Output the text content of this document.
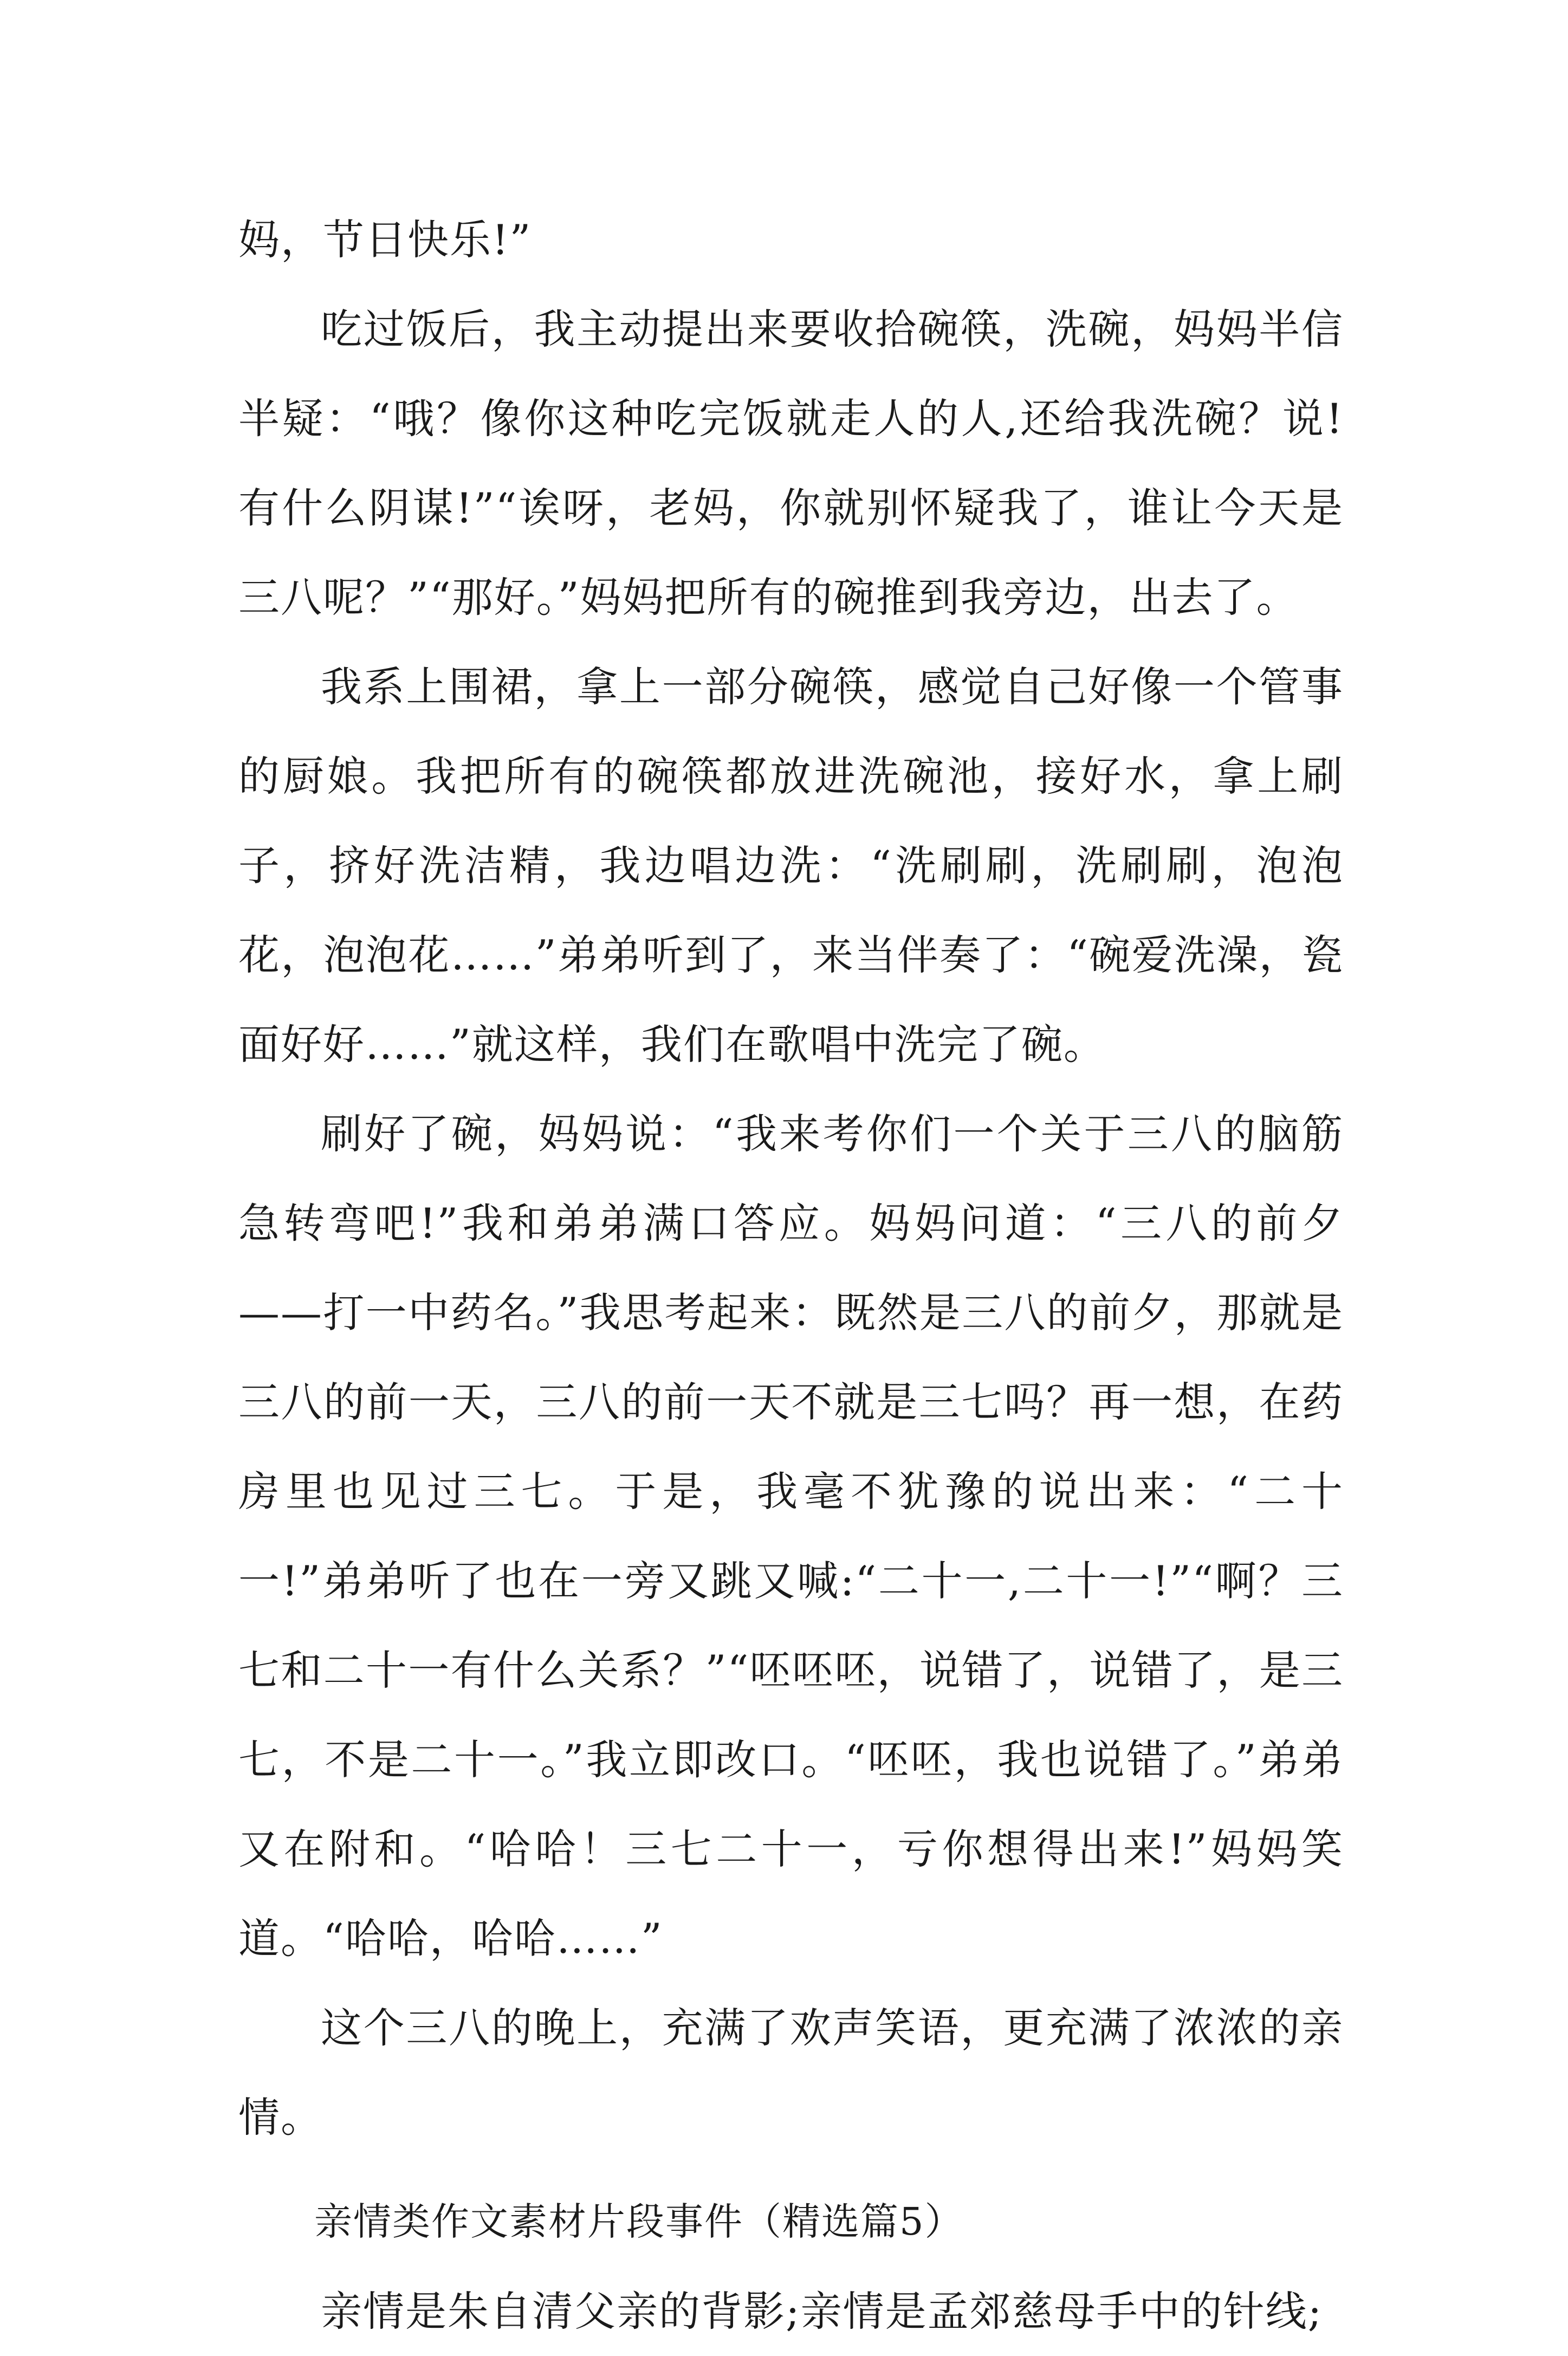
妈，节日快乐!”

吃过饭后，我主动提出来要收拾碗筷，洗碗，妈妈半信半疑：“哦？像你这种吃完饭就走人的人,还给我洗碗？说!有什么阴谋!”“诶呀，老妈，你就别怀疑我了，谁让今天是三八呢？”“那好。”妈妈把所有的碗推到我旁边，出去了。

我系上围裙，拿上一部分碗筷，感觉自己好像一个管事的厨娘。我把所有的碗筷都放进洗碗池，接好水，拿上刷子，挤好洗洁精，我边唱边洗：“洗刷刷，洗刷刷，泡泡花，泡泡花……”弟弟听到了，来当伴奏了：“碗爱洗澡，瓷面好好……”就这样，我们在歌唱中洗完了碗。

刷好了碗，妈妈说：“我来考你们一个关于三八的脑筋急转弯吧!”我和弟弟满口答应。妈妈问道：“三八的前夕——打一中药名。”我思考起来：既然是三八的前夕，那就是三八的前一天，三八的前一天不就是三七吗？再一想，在药房里也见过三七。于是，我毫不犹豫的说出来：“二十一!”弟弟听了也在一旁又跳又喊:“二十一,二十一!”“啊？三七和二十一有什么关系？”“呸呸呸，说错了，说错了，是三七，不是二十一。”我立即改口。“呸呸，我也说错了。”弟弟又在附和。“哈哈！三七二十一，亏你想得出来!”妈妈笑道。“哈哈，哈哈……”

这个三八的晚上，充满了欢声笑语，更充满了浓浓的亲情。

亲情类作文素材片段事件（精选篇5）

亲情是朱自清父亲的背影;亲情是孟郊慈母手中的针线;
